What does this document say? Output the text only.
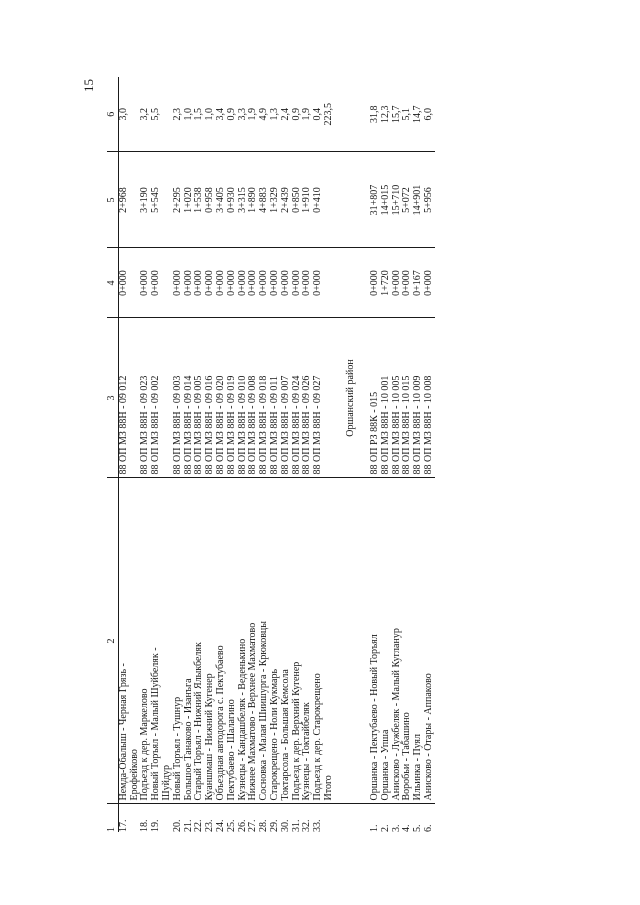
15
1	2	3	4	5	6
17.	Немда-Обалыш - Черная Грязь -	88 ОП МЗ 88Н - 09 012	0+000	2+968	3,0
	Ерофейково				
18.	Подъезд к дер. Маркелово	88 ОП МЗ 88Н - 09 023	0+000	3+190	3,2
19.	Новый Торъял - Малый Шуйбеляк -	88 ОП МЗ 88Н - 09 002	0+000	5+545	5,5
	Шуйдур				
20.	Новый Торъял - Тушнур	88 ОП МЗ 88Н - 09 003	0+000	2+295	2,3
21.	Большое Танаково - Изанъга	88 ОП МЗ 88Н - 09 014	0+000	1+020	1,0
22.	Старый Торъял - Нижний Ялыкбеляк	88 ОП МЗ 88Н - 09 005	0+000	1+538	1,5
23.	Куаншмаш - Нижний Кугенер	88 ОП МЗ 88Н - 09 016	0+000	0+958	1,0
24.	Объездная автодорога с. Пектубаево	88 ОП МЗ 88Н - 09 020	0+000	3+405	3,4
25.	Пектубаево - Шалагино	88 ОП МЗ 88Н - 09 019	0+000	0+930	0,9
26.	Кузнецы - Кандашбеляк - Веденькино	88 ОП МЗ 88Н - 09 010	0+000	3+315	3,3
27.	Нижнее Махматово - Верхнее Махматово	88 ОП МЗ 88Н - 09 008	0+000	1+890	1,9
28.	Сосновка - Малая Шиишурга - Крюковцы	88 ОП МЗ 88Н - 09 018	0+000	4+883	4,9
29.	Старокрещено - Ноли Кукмарь	88 ОП МЗ 88Н - 09 011	0+000	1+329	1,3
30.	Токтарсола - Большая Кемсола	88 ОП МЗ 88Н - 09 007	0+000	2+439	2,4
31.	Подъезд к дер. Верхний Кугенер	88 ОП МЗ 88Н - 09 024	0+000	0+850	0,9
32.	Кузнецы - Токтайбеляк	88 ОП МЗ 88Н - 09 026	0+000	1+910	1,9
33.	Подъезд к дер. Старокрещено	88 ОП МЗ 88Н - 09 027	0+000	0+410	0,4
	Итого				223,5

		Оршанский район			

1.	Оршанка - Пектубаево - Новый Торъял	88 ОП РЗ 88К - 015	0+000	31+807	31,8
2.	Оршанка - Упша	88 ОП МЗ 88Н - 10 001	1+720	14+015	12,3
3.	Анисково - Лужбеляк - Малый Кугланур	88 ОП МЗ 88Н - 10 005	0+000	15+710	15,7
4.	Воробьи - Табашино	88 ОП МЗ 88Н - 10 015	0+000	5+072	5,1
5.	Ильинка - Пуял	88 ОП МЗ 88Н - 10 009	0+167	14+901	14,7
6.	Анисково - Отары - Аппаково	88 ОП МЗ 88Н - 10 008	0+000	5+956	6,0
